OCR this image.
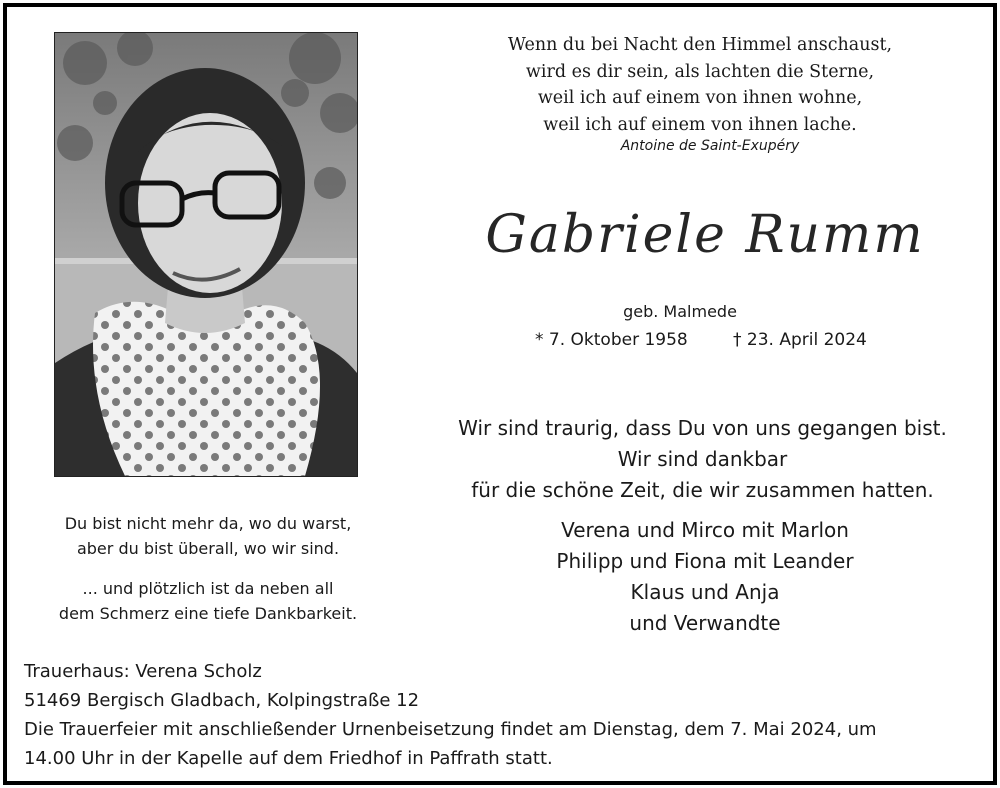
Wenn du bei Nacht den Himmel anschaust,
wird es dir sein, als lachten die Sterne,
weil ich auf einem von ihnen wohne,
weil ich auf einem von ihnen lache.
Antoine de Saint-Exupéry
Gabriele Rumm
geb. Malmede
* 7. Oktober 1958	† 23. April 2024
Wir sind traurig, dass Du von uns gegangen bist.
Wir sind dankbar
für die schöne Zeit, die wir zusammen hatten.
Verena und Mirco mit Marlon
Philipp und Fiona mit Leander
Klaus und Anja
und Verwandte
Du bist nicht mehr da, wo du warst,
aber du bist überall, wo wir sind.
... und plötzlich ist da neben all
dem Schmerz eine tiefe Dankbarkeit.
Trauerhaus: Verena Scholz
51469 Bergisch Gladbach, Kolpingstraße 12
Die Trauerfeier mit anschließender Urnenbeisetzung findet am Dienstag, dem 7. Mai 2024, um
14.00 Uhr in der Kapelle auf dem Friedhof in Paffrath statt.
